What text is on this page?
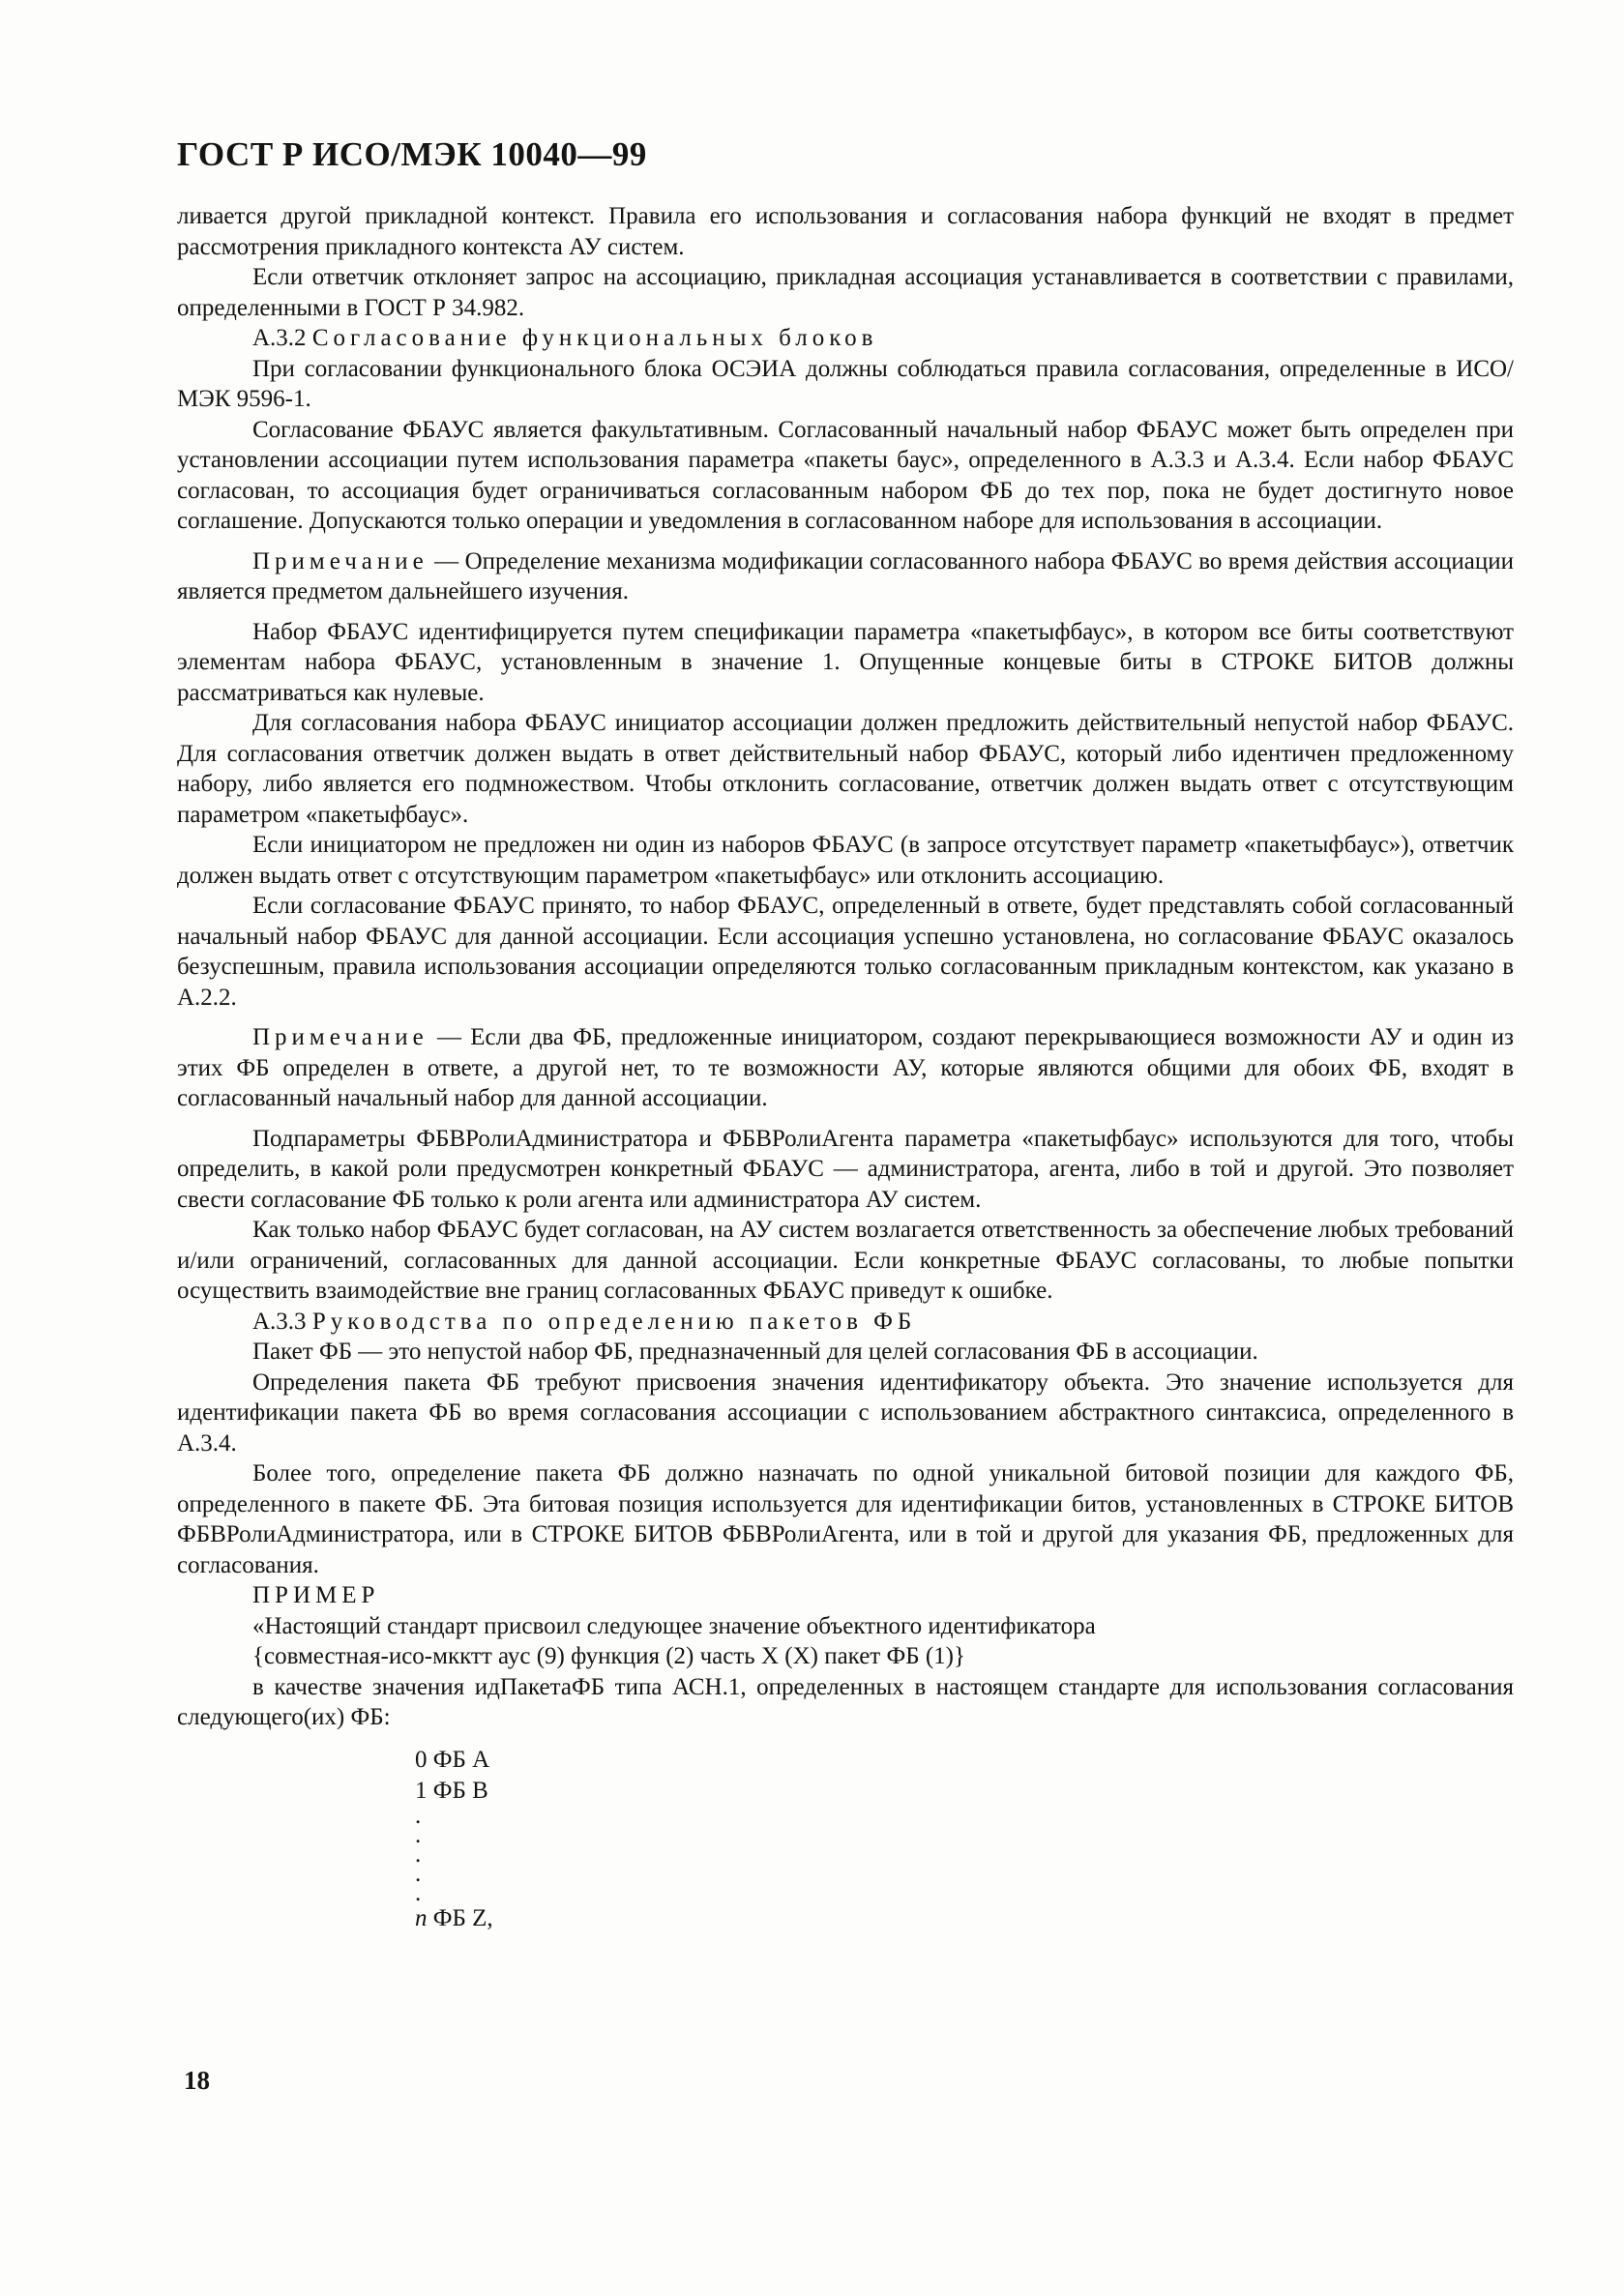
ГОСТ Р ИСО/МЭК 10040—99

ливается другой прикладной контекст. Правила его использования и согласования набора функций не входят в предмет рассмотрения прикладного контекста АУ систем.

Если ответчик отклоняет запрос на ассоциацию, прикладная ассоциация устанавливается в соответствии с правилами, определенными в ГОСТ Р 34.982.

А.3.2 Согласование функциональных блоков

При согласовании функционального блока ОСЭИА должны соблюдаться правила согласования, определенные в ИСО/МЭК 9596-1.

Согласование ФБАУС является факультативным. Согласованный начальный набор ФБАУС может быть определен при установлении ассоциации путем использования параметра «пакеты баус», определенного в А.3.3 и А.3.4. Если набор ФБАУС согласован, то ассоциация будет ограничиваться согласованным набором ФБ до тех пор, пока не будет достигнуто новое соглашение. Допускаются только операции и уведомления в согласованном наборе для использования в ассоциации.

Примечание — Определение механизма модификации согласованного набора ФБАУС во время действия ассоциации является предметом дальнейшего изучения.

Набор ФБАУС идентифицируется путем спецификации параметра «пакетыфбаус», в котором все биты соответствуют элементам набора ФБАУС, установленным в значение 1. Опущенные концевые биты в СТРОКЕ БИТОВ должны рассматриваться как нулевые.

Для согласования набора ФБАУС инициатор ассоциации должен предложить действительный непустой набор ФБАУС. Для согласования ответчик должен выдать в ответ действительный набор ФБАУС, который либо идентичен предложенному набору, либо является его подмножеством. Чтобы отклонить согласование, ответчик должен выдать ответ с отсутствующим параметром «пакетыфбаус».

Если инициатором не предложен ни один из наборов ФБАУС (в запросе отсутствует параметр «пакетыфбаус»), ответчик должен выдать ответ с отсутствующим параметром «пакетыфбаус» или отклонить ассоциацию.

Если согласование ФБАУС принято, то набор ФБАУС, определенный в ответе, будет представлять собой согласованный начальный набор ФБАУС для данной ассоциации. Если ассоциация успешно установлена, но согласование ФБАУС оказалось безуспешным, правила использования ассоциации определяются только согласованным прикладным контекстом, как указано в А.2.2.

Примечание — Если два ФБ, предложенные инициатором, создают перекрывающиеся возможности АУ и один из этих ФБ определен в ответе, а другой нет, то те возможности АУ, которые являются общими для обоих ФБ, входят в согласованный начальный набор для данной ассоциации.

Подпараметры ФБВРолиАдминистратора и ФБВРолиАгента параметра «пакетыфбаус» используются для того, чтобы определить, в какой роли предусмотрен конкретный ФБАУС — администратора, агента, либо в той и другой. Это позволяет свести согласование ФБ только к роли агента или администратора АУ систем.

Как только набор ФБАУС будет согласован, на АУ систем возлагается ответственность за обеспечение любых требований и/или ограничений, согласованных для данной ассоциации. Если конкретные ФБАУС согласованы, то любые попытки осуществить взаимодействие вне границ согласованных ФБАУС приведут к ошибке.

А.3.3 Руководства по определению пакетов ФБ

Пакет ФБ — это непустой набор ФБ, предназначенный для целей согласования ФБ в ассоциации.

Определения пакета ФБ требуют присвоения значения идентификатору объекта. Это значение используется для идентификации пакета ФБ во время согласования ассоциации с использованием абстрактного синтаксиса, определенного в А.3.4.

Более того, определение пакета ФБ должно назначать по одной уникальной битовой позиции для каждого ФБ, определенного в пакете ФБ. Эта битовая позиция используется для идентификации битов, установленных в СТРОКЕ БИТОВ ФБВРолиАдминистратора, или в СТРОКЕ БИТОВ ФБВРолиАгента, или в той и другой для указания ФБ, предложенных для согласования.

ПРИМЕР

«Настоящий стандарт присвоил следующее значение объектного идентификатора

{совместная-исо-мкктт аус (9) функция (2) часть X (X) пакет ФБ (1)}

в качестве значения идПакетаФБ типа АСН.1, определенных в настоящем стандарте для использования согласования следующего(их) ФБ:

0 ФБ A
1 ФБ B
.
.
.
.
.
n ФБ Z,
18
